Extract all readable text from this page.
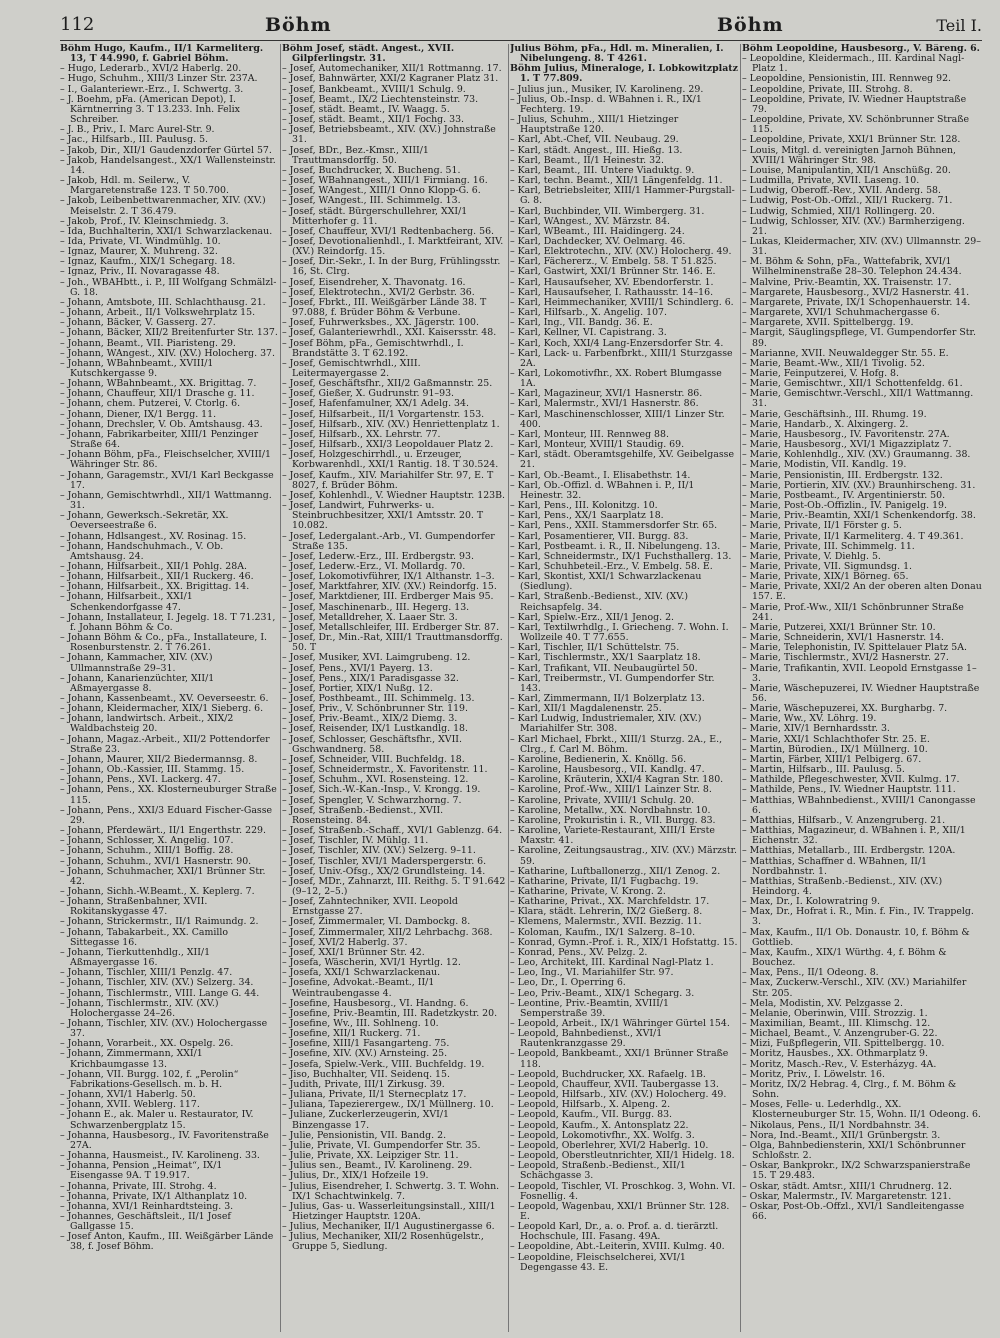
112	Böhm	Böhm	Teil I.
Böhm Hugo, Kaufm., II/1 Karmeliterg. 13, T 44.990, f. Gabriel Böhm.
– Hugo, Lederarb., XVI/2 Haberlg. 20.
– Hugo, Schuhm., XIII/3 Linzer Str. 237A.
– I., Galanteriewr.-Erz., I. Schwertg. 3.
– J. Boehm, pFa. (American Depot), I. Kärntnerring 3. T 13.233. Inh. Felix Schreiber.
– J. B., Priv., I. Marc Aurel-Str. 9.
– Jac., Hilfsarb., III. Paulusg. 5.
– Jakob, Dir., XII/1 Gaudenzdorfer Gürtel 57.
– Jakob, Handelsangest., XX/1 Wallensteinstr. 14.
– Jakob, Hdl. m. Seilerw., V. Margaretenstraße 123. T 50.700.
– Jakob, Leibenbettwarenmacher, XIV. (XV.) Meiselstr. 2. T 36.479.
– Jakob, Prof., IV. Kleinschmiedg. 3.
– Ida, Buchhalterin, XXI/1 Schwarzlackenau.
– Ida, Private, VI. Windmühlg. 10.
– Ignaz, Maurer, X. Muhreng. 32.
– Ignaz, Kaufm., XIX/1 Schegarg. 18.
– Ignaz, Priv., II. Novaragasse 48.
– Joh., WBAHbtt., i. P., III Wolfgang Schmälzl-G. 18.
– Johann, Amtsbote, III. Schlachthausg. 21.
– Johann, Arbeit., II/1 Volkswehrplatz 15.
– Johann, Bäcker, V. Gasserg. 27.
– Johann, Bäcker, XII/2 Breitenfurter Str. 137.
– Johann, Beamt., VII. Piaristeng. 29.
– Johann, WAngest., XIV. (XV.) Holocherg. 37.
– Johann, WBahnbeamt., XVIII/1 Kutschkergasse 9.
– Johann, WBahnbeamt., XX. Brigittag. 7.
– Johann, Chauffeur, XII/1 Drasche g. 11.
– Johann, chem. Putzerei, V. Ctorlg. 6.
– Johann, Diener, IX/1 Bergg. 11.
– Johann, Drechsler, V. Ob. Amtshausg. 43.
– Johann, Fabrikarbeiter, XIII/1 Penzinger Straße 64.
– Johann Böhm, pFa., Fleischselcher, XVIII/1 Währinger Str. 86.
– Johann, Garagemstr., XVI/1 Karl Beckgasse 17.
– Johann, Gemischtwrhdl., XII/1 Wattmanng. 31.
– Johann, Gewerksch.-Sekretär, XX. Oeverseestraße 6.
– Johann, Hdlsangest., XV. Rosinag. 15.
– Johann, Handschuhmach., V. Ob. Amtshausg. 24.
– Johann, Hilfsarbeit., XII/1 Pohlg. 28A.
– Johann, Hilfsarbeit., XII/1 Ruckerg. 46.
– Johann, Hilfsarbeit., XX. Brigittag. 14.
– Johann, Hilfsarbeit., XXI/1 Schenkendorfgasse 47.
– Johann, Installateur, I. Jegelg. 18. T 71.231, f. Johann Böhm & Co.
– Johann Böhm & Co., pFa., Installateure, I. Rosenburstenstr. 2. T 76.261.
– Johann, Kammacher, XIV. (XV.) Ullmannstraße 29–31.
– Johann, Kanarienzüchter, XII/1 Aßmayergasse 8.
– Johann, Kassenbeamt., XV. Oeverseestr. 6.
– Johann, Kleidermacher, XIX/1 Sieberg. 6.
– Johann, landwirtsch. Arbeit., XIX/2 Waldbachsteig 20.
– Johann, Magaz.-Arbeit., XII/2 Pottendorfer Straße 23.
– Johann, Maurer, XII/2 Biedermannsg. 8.
– Johann, Ob.-Kassier, III. Stammg. 15.
– Johann, Pens., XVI. Lackerg. 47.
– Johann, Pens., XX. Klosterneuburger Straße 115.
– Johann, Pens., XXI/3 Eduard Fischer-Gasse 29.
– Johann, Pferdewärt., II/1 Engerthstr. 229.
– Johann, Schlosser, X. Angelig. 107.
– Johann, Schuhm., XIII/1 Boffig. 28.
– Johann, Schuhm., XVI/1 Hasnerstr. 90.
– Johann, Schuhmacher, XXI/1 Brünner Str. 42.
– Johann, Sichh.-W.Beamt., X. Keplerg. 7.
– Johann, Straßenbahner, XVII. Rokitanskygasse 47.
– Johann, Strickermstr., II/1 Raimundg. 2.
– Johann, Tabakarbeit., XX. Camillo Sittegasse 16.
– Johann, Tierkuttenhdlg., XII/1 Aßmayergasse 16.
– Johann, Tischler, XIII/1 Penzlg. 47.
– Johann, Tischler, XIV. (XV.) Selzerg. 34.
– Johann, Tischlermstr., VIII. Lange G. 44.
– Johann, Tischlermstr., XIV. (XV.) Holochergasse 24–26.
– Johann, Tischler, XIV. (XV.) Holochergasse 37.
– Johann, Vorarbeit., XX. Ospelg. 26.
– Johann, Zimmermann, XXI/1 Krichbaumgasse 13.
– Johann, VII. Burgg. 102, f. „Perolin“ Fabrikations-Gesellsch. m. b. H.
– Johann, XVI/1 Haberlg. 50.
– Johann, XVII. Weblerg. 117.
– Johann E., ak. Maler u. Restaurator, IV. Schwarzenbergplatz 15.
– Johanna, Hausbesorg., IV. Favoritenstraße 27A.
– Johanna, Hausmeist., IV. Karolineng. 33.
– Johanna, Pension „Heimat“, IX/1 Eisengasse 9A. T 19.917.
– Johanna, Private, III. Strohg. 4.
– Johanna, Private, IX/1 Althanplatz 10.
– Johanna, XVI/1 Reinhardtsteing. 3.
– Johannes, Geschäftsleit., II/1 Josef Gallgasse 15.
– Josef Anton, Kaufm., III. Weißgärber Lände 38, f. Josef Böhm.
Böhm Josef, städt. Angest., XVII. Gilpferlingstr. 31.
– Josef, Automechaniker, XII/1 Rottmanng. 17.
– Josef, Bahnwärter, XXI/2 Kagraner Platz 31.
– Josef, Bankbeamt., XVIII/1 Schulg. 9.
– Josef, Beamt., IX/2 Liechtensteinstr. 73.
– Josef, städt. Beamt., IV. Waagg. 5.
– Josef, städt. Beamt., XII/1 Fochg. 33.
– Josef, Betriebsbeamt., XIV. (XV.) Johnstraße 31.
– Josef, BDr., Bez.-Kmsr., XIII/1 Trauttmansdorffg. 50.
– Josef, Buchdrucker, X. Bucheng. 51.
– Josef, WBahnangest., XIII/1 Firmiang. 16.
– Josef, WAngest., XIII/1 Onno Klopp-G. 6.
– Josef, WAngest., III. Schimmelg. 13.
– Josef, städt. Bürgerschullehrer, XXI/1 Mitterhofer g. 11.
– Josef, Chauffeur, XVI/1 Redtenbacherg. 56.
– Josef, Devotionalienhdl., I. Marktfeirant, XIV. (XV.) Reindorfg. 15.
– Josef, Dir.-Sekr., I. In der Burg, Frühlingsstr. 16, St. Clrg.
– Josef, Eisendreher, X. Thavonatg. 16.
– Josef, Elektrotechn., XVI/2 Gerbstr. 36.
– Josef, Fbrkt., III. Weißgärber Lände 38. T 97.088, f. Brüder Böhm & Verbune.
– Josef, Fuhrwerksbes., XX. Jägerstr. 100.
– Josef, Galanteriewrhdl., XXI. Kaisersstr. 48.
– Josef Böhm, pFa., Gemischtwrhdl., I. Brandstätte 3. T 62.192.
– Josef, Gemischtwrhdl., XIII. Leitermayergasse 2.
– Josef, Geschäftsfhr., XII/2 Gaßmannstr. 25.
– Josef, Gießer, X. Gudrunstr. 91–93.
– Josef, Hafenfamulner, XX/1 Adelg. 34.
– Josef, Hilfsarbeit., II/1 Vorgartenstr. 153.
– Josef, Hilfsarb., XIV. (XV.) Henriettenplatz 1.
– Josef, Hilfsarb., XX. Lehrstr. 77.
– Josef, Hilfsarb., XXI/3 Leopoldauer Platz 2.
– Josef, Holzgeschirrhdl., u. Erzeuger, Korbwarenhdl., XXI/1 Rantig. 18. T 30.524.
– Josef, Kaufm., XIV. Mariahilfer Str. 97, E. T 8027, f. Brüder Böhm.
– Josef, Kohlenhdl., V. Wiedner Hauptstr. 123B.
– Josef, Landwirt, Fuhrwerks- u. Steinbruchbesitzer, XXI/1 Amtsstr. 20. T 10.082.
– Josef, Ledergalant.-Arb., VI. Gumpendorfer Straße 135.
– Josef, Lederw.-Erz., III. Erdbergstr. 93.
– Josef, Lederw.-Erz., VI. Mollardg. 70.
– Josef, Lokomotivführer, IX/1 Althanstr. 1–3.
– Josef, Marktfahrer, XIV. (XV.) Reindorfg. 15.
– Josef, Marktdiener, III. Erdberger Mais 95.
– Josef, Maschinenarb., III. Hegerg. 13.
– Josef, Metalldreher, X. Laaer Str. 3.
– Josef, Metallschleifer, III. Erdberger Str. 87.
– Josef, Dr., Min.-Rat, XIII/1 Trauttmansdorffg. 50. T
– Josef, Musiker, XVI. Laimgrubeng. 12.
– Josef, Pens., XVI/1 Payerg. 13.
– Josef, Pens., XIX/1 Paradisgasse 32.
– Josef, Portier, XIX/1 Nußg. 12.
– Josef, Posthbeamt., III. Schimmelg. 13.
– Josef, Priv., V. Schönbrunner Str. 119.
– Josef, Priv.-Beamt., XIX/2 Diemg. 3.
– Josef, Reisender, IX/1 Lustkandlg. 18.
– Josef, Schlosser, Geschäftsfhr., XVII. Gschwandnerg. 58.
– Josef, Schneider, VIII. Buchfeldg. 18.
– Josef, Schneidermstr., X. Favoritenstr. 11.
– Josef, Schuhm., XVI. Rosensteing. 12.
– Josef, Sich.-W.-Kan.-Insp., V. Krongg. 19.
– Josef, Spengler, V. Schwarzhorng. 7.
– Josef, Straßenb.-Bedienst., XVII. Rosensteing. 84.
– Josef, Straßenb.-Schaff., XVI/1 Gablenzg. 64.
– Josef, Tischler, IV. Mühlg. 11.
– Josef, Tischler, XIV. (XV.) Selzerg. 9–11.
– Josef, Tischler, XVI/1 Maderspergerstr. 6.
– Josef, Univ.-Ofsg., XX/2 Grundlsteing. 14.
– Josef, MDr., Zahnarzt, III. Reithg. 5. T 91.642 (9–12, 2–5.)
– Josef, Zahntechniker, XVII. Leopold Ernstgasse 27.
– Josef, Zimmermaler, VI. Dambockg. 8.
– Josef, Zimmermaler, XII/2 Lehrbachg. 368.
– Josef, XVI/2 Haberlg. 37.
– Josef, XXI/1 Brünner Str. 42.
– Josefa, Wäscherin, XVI/1 Hyrtlg. 12.
– Josefa, XXI/1 Schwarzlackenau.
– Josefine, Advokat.-Beamt., II/1 Weintraubengasse 4.
– Josefine, Hausbesorg., VI. Handng. 6.
– Josefine, Priv.-Beamtin, III. Radetzkystr. 20.
– Josefine, Wv., III. Sohlneng. 10.
– Josefine, XII/1 Ruckerg. 71.
– Josefine, XIII/1 Fasangarteng. 75.
– Josefine, XIV. (XV.) Arnsteing. 25.
– Josefa, Spielw.-Verk., VIII. Buchfeldg. 19.
– Jiso, Buchhalter, VII. Seidenq. 15.
– Judith, Private, III/1 Zirkusg. 39.
– Juliana, Private, II/1 Sternecplatz 17.
– Juliana, Tapezierergew., IX/1 Müllnerg. 10.
– Juliane, Zuckerlerzeugerin, XVI/1 Binzengasse 17.
– Julie, Pensionistin, VII. Bandg. 2.
– Julie, Private, VI. Gumpendorfer Str. 35.
– Julie, Private, XX. Leipziger Str. 11.
– Julius sen., Beamt., IV. Karolineng. 29.
– Julius, Dr., XIX/1 Hofzeile 19.
– Julius, Eisendreher, I. Schwertg. 3. T. Wohn. IX/1 Schachtwinkelg. 7.
– Julius, Gas- u. Wasserleitungsinstall., XIII/1 Hietzinger Hauptstr. 120A.
– Julius, Mechaniker, II/1 Augustinergasse 6.
– Julius, Mechaniker, XII/2 Rosenhügelstr., Gruppe 5, Siedlung.
Julius Böhm, pFa., Hdl. m. Mineralien, I. Nibelungeng. 8. T 4261.
Böhm Julius, Mineraloge, I. Lobkowitzplatz 1. T 77.809.
– Julius jun., Musiker, IV. Karolineng. 29.
– Julius, Ob.-Insp. d. WBahnen i. R., IX/1 Fechterg. 19.
– Julius, Schuhm., XIII/1 Hietzinger Hauptstraße 120.
– Karl, Abt.-Chef, VII. Neubaug. 29.
– Karl, städt. Angest., III. Hießg. 13.
– Karl, Beamt., II/1 Heinestr. 32.
– Karl, Beamt., III. Untere Viaduktg. 9.
– Karl, techn. Beamt., XII/1 Längenfeldg. 11.
– Karl, Betriebsleiter, XIII/1 Hammer-Purgstall-G. 8.
– Karl, Buchbinder, VII. Wimbergerg. 31.
– Karl, WAngest., XV. Märzstr. 84.
– Karl, WBeamt., III. Haidingerg. 24.
– Karl, Dachdecker, XV. Oelmarg. 46.
– Karl, Elektrotechn., XIV. (XV.) Holocherg. 49.
– Karl, Fächererz., V. Embelg. 58. T 51.825.
– Karl, Gastwirt, XXI/1 Brünner Str. 146. E.
– Karl, Hausaufseher, XV. Ebendorferstr. 1.
– Karl, Hausaufseher, I. Rathausstr. 14–16.
– Karl, Heimmechaniker, XVIII/1 Schindlerg. 6.
– Karl, Hilfsarb., X. Angelig. 107.
– Karl, Ing., VII. Bandg. 36. E.
– Karl, Kellner, VI. Capistrang. 3.
– Karl, Koch, XXI/4 Lang-Enzersdorfer Str. 4.
– Karl, Lack- u. Farbenfbrkt., XIII/1 Sturzgasse 2A.
– Karl, Lokomotivfhr., XX. Robert Blumgasse 1A.
– Karl, Magazineur, XVI/1 Hasnerstr. 86.
– Karl, Malermstr., XVI/1 Hasnerstr. 86.
– Karl, Maschinenschlosser, XIII/1 Linzer Str. 400.
– Karl, Monteur, III. Rennweg 88.
– Karl, Monteur, XVIII/1 Staudig. 69.
– Karl, städt. Oberamtsgehilfe, XV. Geibelgasse 21.
– Karl, Ob.-Beamt., I. Elisabethstr. 14.
– Karl, Ob.-Offizl. d. WBahnen i. P., II/1 Heinestr. 32.
– Karl, Pens., III. Kolonitzg. 10.
– Karl, Pens., XX/1 Saarplatz 18.
– Karl, Pens., XXII. Stammersdorfer Str. 65.
– Karl, Posamentierer, VII. Burgg. 83.
– Karl, Postbeamt. i. R., II. Nibelungeng. 13.
– Karl, Schneidermstr., IX/1 Fuchsthallerg. 13.
– Karl, Schuhbeteil.-Erz., V. Embelg. 58. E.
– Karl, Skontist, XXI/1 Schwarzlackenau (Siedlung).
– Karl, Straßenb.-Bedienst., XIV. (XV.) Reichsapfelg. 34.
– Karl, Spielw.-Erz., XII/1 Jenog. 2.
– Karl, Textilwrhdlg., I. Griecheng. 7. Wohn. I. Wollzeile 40. T 77.655.
– Karl, Tischler, II/1 Schüttelstr. 75.
– Karl, Tischlermstr., XX/1 Saarplatz 18.
– Karl, Trafikant, VII. Neubaugürtel 50.
– Karl, Treibermstr., VI. Gumpendorfer Str. 143.
– Karl, Zimmermann, II/1 Bolzerplatz 13.
– Karl, XII/1 Magdalenenstr. 25.
– Karl Ludwig, Industriemaler, XIV. (XV.) Mariahilfer Str. 308.
– Karl Michael, Fbrkt., XIII/1 Sturzg. 2A., E., Clrg., f. Carl M. Böhm.
– Karoline, Bedienerin, X. Knöllg. 56.
– Karoline, Hausbesorg., VII. Kandlg. 47.
– Karoline, Kräuterin, XXI/4 Kagran Str. 180.
– Karoline, Prof.-Ww., XIII/1 Lainzer Str. 8.
– Karoline, Private, XVIII/1 Schulg. 20.
– Karoline, Metallw., XX. Nordbahnstr. 10.
– Karoline, Prokuristin i. R., VII. Burgg. 83.
– Karoline, Variete-Restaurant, XIII/1 Erste Maxstr. 41.
– Karoline, Zeitungsaustrag., XIV. (XV.) Märzstr. 59.
– Katharine, Luftballonerzg., XII/1 Zenog. 2.
– Katharine, Private, II/1 Fugbachg. 19.
– Katharine, Private, V. Krong. 2.
– Katharine, Privat., XX. Marchfeldstr. 17.
– Klara, städt. Lehrerin, IX/2 Gießerg. 8.
– Klemens, Malermstr., XVII. Bezzig. 11.
– Koloman, Kaufm., IX/1 Salzerg. 8–10.
– Konrad, Gymn.-Prof. i. R., XIX/1 Hofstattg. 15.
– Konrad, Pens., XV. Pelzg. 2.
– Leo, Architekt, III. Kardinal Nagl-Platz 1.
– Leo, Ing., VI. Mariahilfer Str. 97.
– Leo, Dr., I. Operring 6.
– Leo, Priv.-Beamt., XIX/1 Schegarg. 3.
– Leontine, Priv.-Beamtin, XVIII/1 Semperstraße 39.
– Leopold, Arbeit., IX/1 Währinger Gürtel 154.
– Leopold, Bahnbedienst., XVI/1 Rautenkranzgasse 29.
– Leopold, Bankbeamt., XXI/1 Brünner Straße 118.
– Leopold, Buchdrucker, XX. Rafaelg. 1B.
– Leopold, Chauffeur, XVII. Taubergasse 13.
– Leopold, Hilfsarb., XIV. (XV.) Holocherg. 49.
– Leopold, Hilfsarb., X. Alpeng. 2.
– Leopold, Kaufm., VII. Burgg. 83.
– Leopold, Kaufm., X. Antonsplatz 22.
– Leopold, Lokomotivfhr., XX. Wolfg. 3.
– Leopold, Oberlehrer, XVI/2 Haberlg. 10.
– Leopold, Oberstleutnrichter, XII/1 Hidelg. 18.
– Leopold, Straßenb.-Bedienst., XII/1 Schächgasse 3.
– Leopold, Tischler, VI. Proschkog. 3, Wohn. VI. Fosnellig. 4.
– Leopold, Wagenbau, XXI/1 Brünner Str. 128. E.
– Leopold Karl, Dr., a. o. Prof. a. d. tierärztl. Hochschule, III. Fasang. 49A.
– Leopoldine, Abt.-Leiterin, XVIII. Kulmg. 40.
– Leopoldine, Fleischselcherei, XVI/1 Degengasse 43. E.
Böhm Leopoldine, Hausbesorg., V. Bäreng. 6.
– Leopoldine, Kleidermach., III. Kardinal Nagl-Platz 1.
– Leopoldine, Pensionistin, III. Rennweg 92.
– Leopoldine, Private, III. Strohg. 8.
– Leopoldine, Private, IV. Wiedner Hauptstraße 79.
– Leopoldine, Private, XV. Schönbrunner Straße 115.
– Leopoldine, Private, XXI/1 Brünner Str. 128.
– Louis, Mitgl. d. vereinigten Jarnoh Bühnen, XVIII/1 Währinger Str. 98.
– Louise, Manipulantin, XII/1 Anschüßg. 20.
– Ludmilla, Private, XVII. Laseng. 10.
– Ludwig, Oberoff.-Rev., XVII. Anderg. 58.
– Ludwig, Post-Ob.-Offzl., XII/1 Ruckerg. 71.
– Ludwig, Schmied, XII/1 Rollingerg. 20.
– Ludwig, Schlosser, XIV. (XV.) Barmherzigeng. 21.
– Lukas, Kleidermacher, XIV. (XV.) Ullmannstr. 29–31.
– M. Böhm & Sohn, pFa., Wattefabrik, XVI/1 Wilhelminenstraße 28–30. Telephon 24.434.
– Malvine, Priv.-Beamtin, XX. Traisenstr. 17.
– Margarete, Hausbesorg., XVI/2 Hasnerstr. 41.
– Margarete, Private, IX/1 Schopenhauerstr. 14.
– Margarete, XVI/1 Schuhmachergasse 6.
– Margarete, XVII. Spittelbergg. 19.
– Margit, Säuglingspflege, VI. Gumpendorfer Str. 89.
– Marianne, XVII. Neuwaldegger Str. 55. E.
– Marie, Beamt.-Ww., XII/1 Tivolig. 52.
– Marie, Feinputzerei, V. Hofg. 8.
– Marie, Gemischtwr., XII/1 Schottenfeldg. 61.
– Marie, Gemischtwr.-Verschl., XII/1 Wattmanng. 31.
– Marie, Geschäftsinh., III. Rhumg. 19.
– Marie, Handarb., X. Alxingerg. 2.
– Marie, Hausbesorg., IV. Favoritenstr. 27A.
– Marie, Hausbesorg., XVI/1 Migazziplatz 7.
– Marie, Kohlenhdlg., XIV. (XV.) Graumanng. 38.
– Marie, Modistin, VII. Kandlg. 19.
– Marie, Pensionistin, III. Erdbergstr. 132.
– Marie, Portierin, XIV. (XV.) Braunhirscheng. 31.
– Marie, Postbeamt., IV. Argentinierstr. 50.
– Marie, Post-Ob.-Offizlin., IV. Panigelg. 19.
– Marie, Priv.-Beamtin, XXI/1 Schenkendorfg. 38.
– Marie, Private, II/1 Förster g. 5.
– Marie, Private, II/1 Karmeliterg. 4. T 49.361.
– Marie, Private, III. Schimmelg. 11.
– Marie, Private, V. Diehlg. 5.
– Marie, Private, VII. Sigmundsg. 1.
– Marie, Private, XIX/1 Börneg. 65.
– Marie, Private, XXI/2 An der oberen alten Donau 157. E.
– Marie, Prof.-Ww., XII/1 Schönbrunner Straße 241.
– Marie, Putzerei, XXI/1 Brünner Str. 10.
– Marie, Schneiderin, XVI/1 Hasnerstr. 14.
– Marie, Telephonistin, IV. Spittelauer Platz 5A.
– Marie, Tischlermstr., XVI/2 Hasnerstr. 27.
– Marie, Trafikantin, XVII. Leopold Ernstgasse 1–3.
– Marie, Wäschepuzerei, IV. Wiedner Hauptstraße 56.
– Marie, Wäschepuzerei, XX. Burgharbg. 7.
– Marie, Ww., XV. Löhrg. 19.
– Marie, XIV/1 Bernhardsstr. 3.
– Marie, XXI/1 Schlachthofer Str. 25. E.
– Martin, Bürodien., IX/1 Müllnerg. 10.
– Martin, Färber, XIII/1 Pelbigerg. 67.
– Martin, Hilfsarb., III. Paulusg. 5.
– Mathilde, Pflegeschwester, XVII. Kulmg. 17.
– Mathilde, Pens., IV. Wiedner Hauptstr. 111.
– Matthias, WBahnbedienst., XVIII/1 Canongasse 6.
– Matthias, Hilfsarb., V. Anzengruberg. 21.
– Matthias, Magazineur, d. WBahnen i. P., XII/1 Eichenstr. 32.
– Matthias, Metallarb., III. Erdbergstr. 120A.
– Matthias, Schaffner d. WBahnen, II/1 Nordbahnstr. 1.
– Matthias, Straßenb.-Bedienst., XIV. (XV.) Heindorg. 4.
– Max, Dr., I. Kolowratring 9.
– Max, Dr., Hofrat i. R., Min. f. Fin., IV. Trappelg. 3.
– Max, Kaufm., II/1 Ob. Donaustr. 10, f. Böhm & Gottlieb.
– Max, Kaufm., XIX/1 Würthg. 4, f. Böhm & Bouchez.
– Max, Pens., II/1 Odeong. 8.
– Max, Zuckerw.-Verschl., XIV. (XV.) Mariahilfer Str. 205.
– Mela, Modistin, XV. Pelzgasse 2.
– Melanie, Oberinwin, VIII. Strozzig. 1.
– Maximilian, Beamt., III. Klimschg. 12.
– Michael, Beamt., V. Anzengruber-G. 22.
– Mizi, Fußpflegerin, VII. Spittelbergg. 10.
– Moritz, Hausbes., XX. Othmarplatz 9.
– Moritz, Masch.-Rev., V. Esterházyg. 4A.
– Moritz, Priv., I. Löwelstr. 16.
– Moritz, IX/2 Hebrag. 4, Clrg., f. M. Böhm & Sohn.
– Moses, Felle- u. Lederhdlg., XX. Klosterneuburger Str. 15, Wohn. II/1 Odeong. 6.
– Nikolaus, Pens., II/1 Nordbahnstr. 34.
– Nora, Ind.-Beamt., XII/1 Grünbergstr. 3.
– Olga, Bahnbediensterin, XXI/1 Schönbrunner Schloßstr. 2.
– Oskar, Bankprokr., IX/2 Schwarzspanierstraße 15. T 29.483.
– Oskar, städt. Amtsr., XIII/1 Chrudnerg. 12.
– Oskar, Malermstr., IV. Margaretenstr. 121.
– Oskar, Post-Ob.-Offzl., XVI/1 Sandleitengasse 66.
